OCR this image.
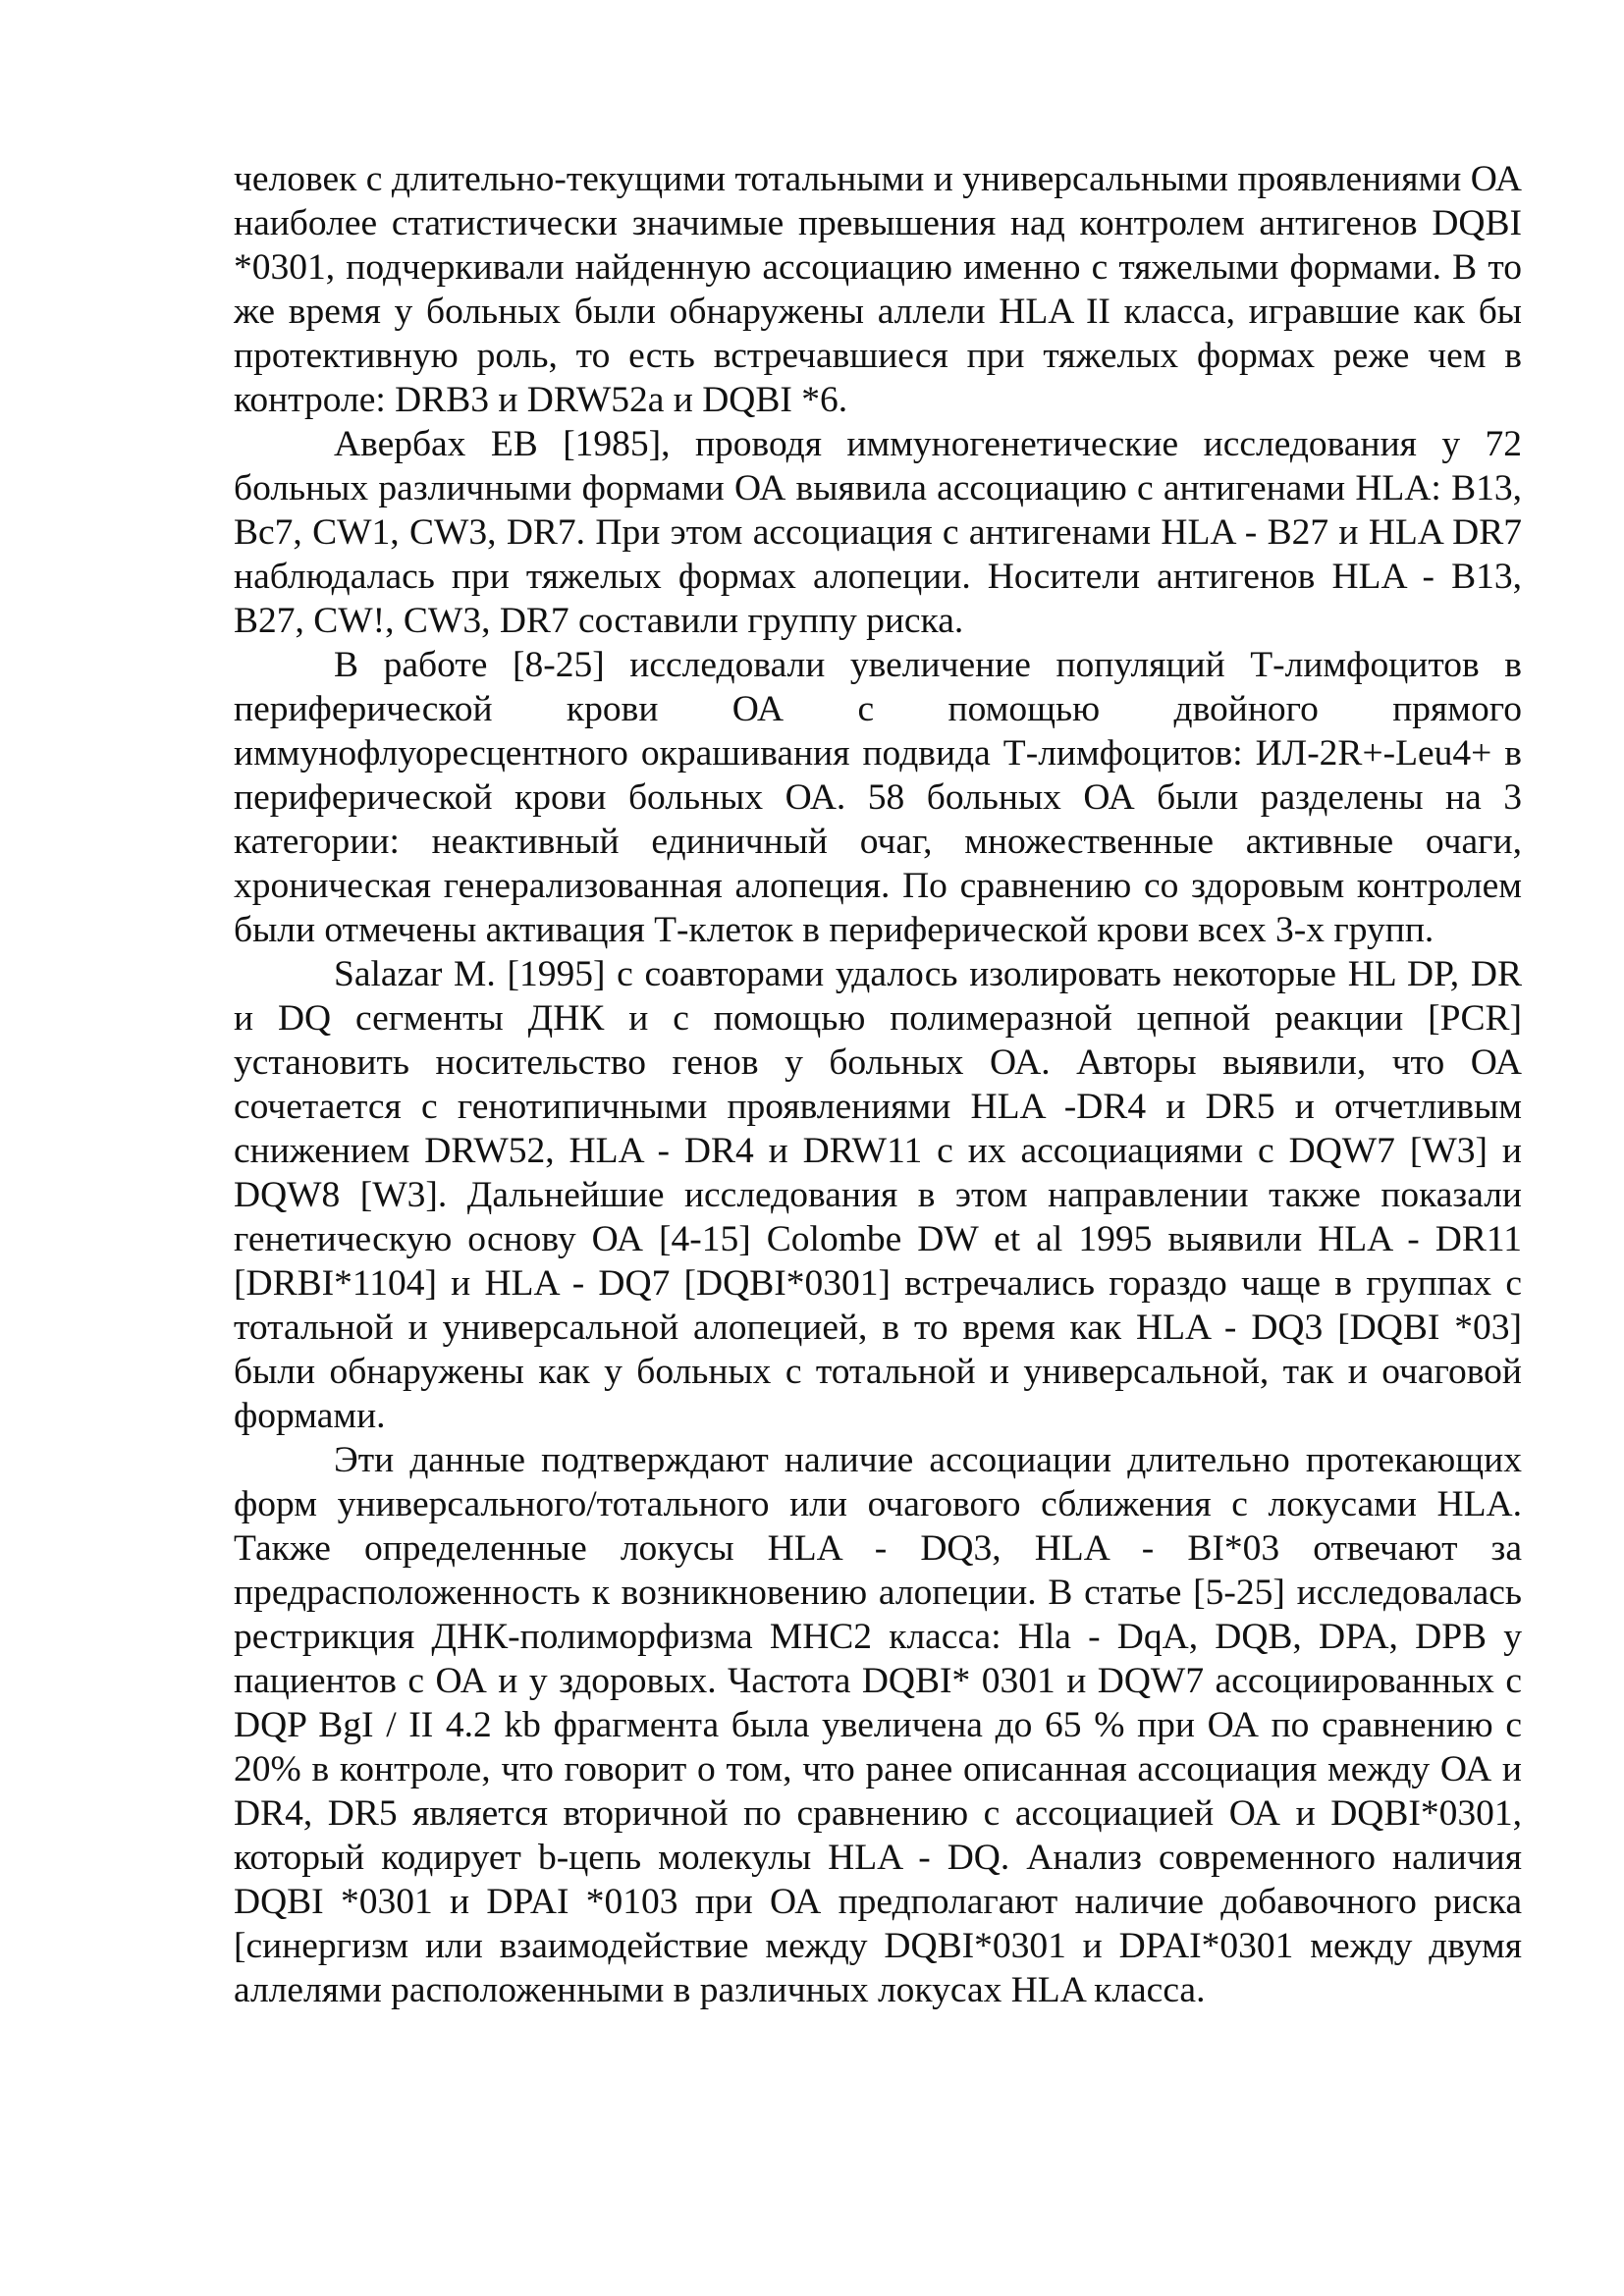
человек с длительно-текущими тотальными и универсальными проявлениями ОА наиболее статистически значимые превышения над контролем антигенов DQBI *0301, подчеркивали найденную ассоциацию именно с тяжелыми формами. В то же время у больных были обнаружены аллели HLA II класса, игравшие как бы протективную роль, то есть встречавшиеся при тяжелых формах реже чем в контроле: DRB3 и DRW52a и DQBI *6.

Авербах ЕВ [1985], проводя иммуногенетические исследования у 72 больных различными формами ОА выявила ассоциацию с антигенами HLA: B13, Bc7, CW1, CW3, DR7. При этом ассоциация с антигенами HLA - B27 и HLA DR7 наблюдалась при тяжелых формах алопеции. Носители антигенов HLA - B13, B27, CW!, CW3, DR7 составили группу риска.

В работе [8-25] исследовали увеличение популяций Т-лимфоцитов в периферической крови ОА с помощью двойного прямого иммунофлуоресцентного окрашивания подвида Т-лимфоцитов: ИЛ-2R+-Leu4+ в периферической крови больных ОА. 58 больных ОА были разделены на 3 категории: неактивный единичный очаг, множественные активные очаги, хроническая генерализованная алопеция. По сравнению со здоровым контролем были отмечены активация Т-клеток в периферической крови всех 3-х групп.

Salazar M. [1995] с соавторами удалось изолировать некоторые HL DP, DR и DQ сегменты ДНК и с помощью полимеразной цепной реакции [PCR] установить носительство генов у больных ОА. Авторы выявили, что ОА сочетается с генотипичными проявлениями HLA -DR4 и DR5 и отчетливым снижением DRW52, HLA - DR4 и DRW11 с их ассоциациями с DQW7 [W3] и DQW8 [W3]. Дальнейшие исследования в этом направлении также показали генетическую основу ОА [4-15] Colombe DW et al 1995 выявили HLA - DR11 [DRBI*1104] и HLA - DQ7 [DQBI*0301] встречались гораздо чаще в группах с тотальной и универсальной алопецией, в то время как HLA - DQ3 [DQBI *03] были обнаружены как у больных с тотальной и универсальной, так и очаговой формами.

Эти данные подтверждают наличие ассоциации длительно протекающих форм универсального/тотального или очагового сближения с локусами HLA. Также определенные локусы HLA - DQ3, HLA - BI*03 отвечают за предрасположенность к возникновению алопеции. В статье [5-25] исследовалась рестрикция ДНК-полиморфизма МНС2 класса: Hla - DqA, DQB, DPA, DPB у пациентов с ОА и у здоровых. Частота DQBI* 0301 и DQW7 ассоциированных с DQP BgI / II 4.2 kb фрагмента была увеличена до 65 % при ОА по сравнению с 20% в контроле, что говорит о том, что ранее описанная ассоциация между ОА и DR4, DR5 является вторичной по сравнению с ассоциацией ОА и DQBI*0301, который кодирует b-цепь молекулы HLA - DQ. Анализ современного наличия DQBI *0301 и DPAI *0103 при ОА предполагают наличие добавочного риска [синергизм или взаимодействие между DQBI*0301 и DPAI*0301 между двумя аллелями расположенными в различных локусах HLA класса.
